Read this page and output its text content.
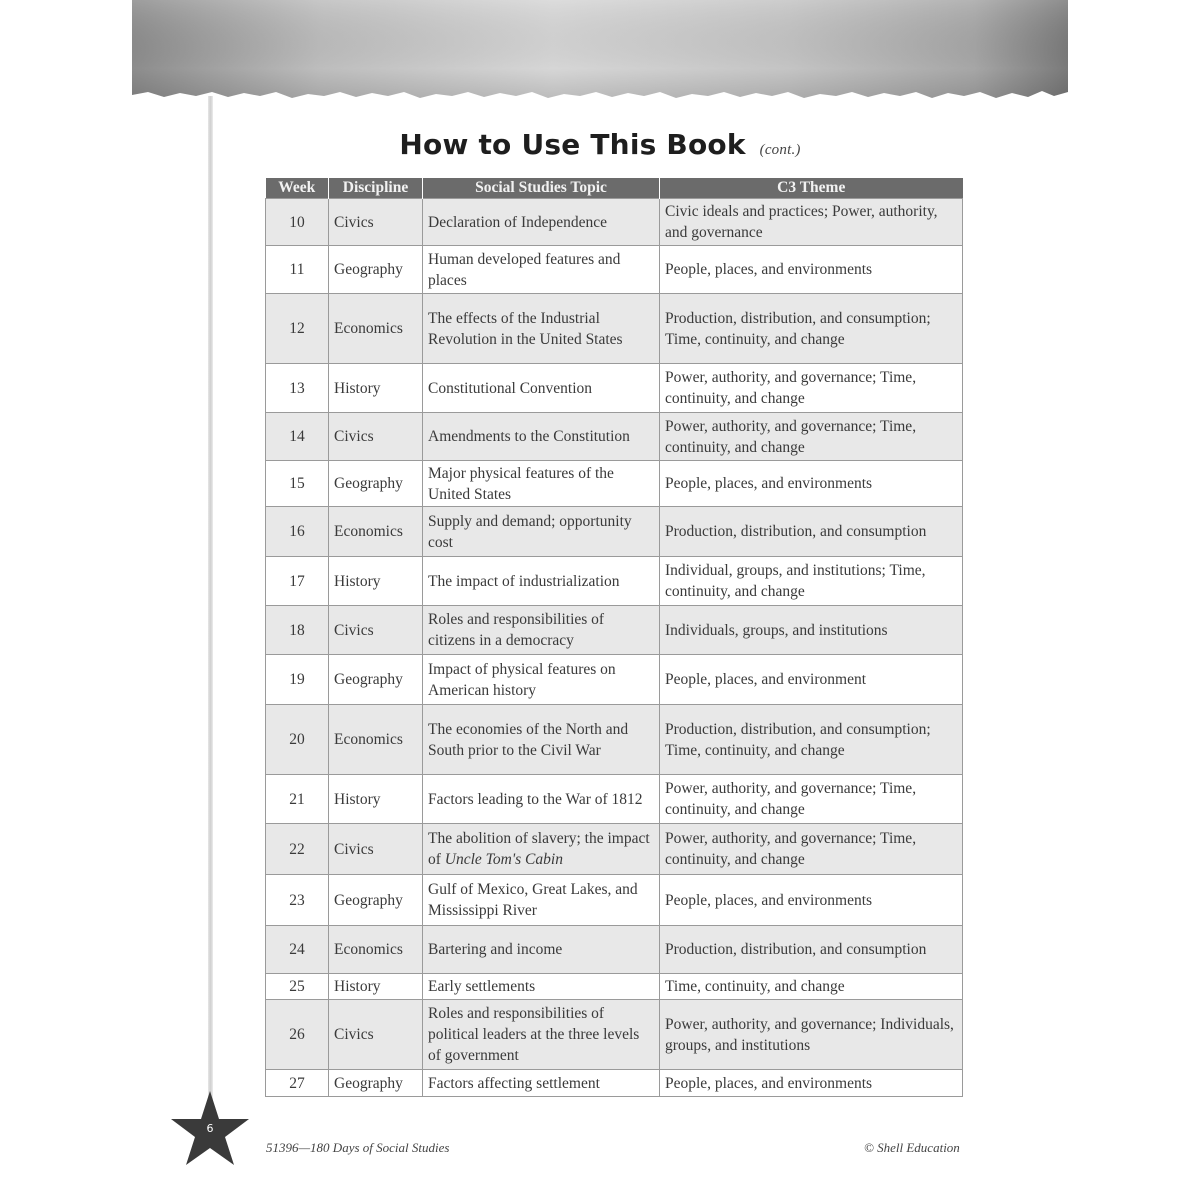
How to Use This Book (cont.)
Week	Discipline	Social Studies Topic	C3 Theme
10	Civics	Declaration of Independence	Civic ideals and practices; Power, authority, and governance
11	Geography	Human developed features and places	People, places, and environments
12	Economics	The effects of the Industrial Revolution in the United States	Production, distribution, and consumption; Time, continuity, and change
13	History	Constitutional Convention	Power, authority, and governance; Time, continuity, and change
14	Civics	Amendments to the Constitution	Power, authority, and governance; Time, continuity, and change
15	Geography	Major physical features of the United States	People, places, and environments
16	Economics	Supply and demand; opportunity cost	Production, distribution, and consumption
17	History	The impact of industrialization	Individual, groups, and institutions; Time, continuity, and change
18	Civics	Roles and responsibilities of citizens in a democracy	Individuals, groups, and institutions
19	Geography	Impact of physical features on American history	People, places, and environment
20	Economics	The economies of the North and South prior to the Civil War	Production, distribution, and consumption; Time, continuity, and change
21	History	Factors leading to the War of 1812	Power, authority, and governance; Time, continuity, and change
22	Civics	The abolition of slavery; the impact of Uncle Tom's Cabin	Power, authority, and governance; Time, continuity, and change
23	Geography	Gulf of Mexico, Great Lakes, and Mississippi River	People, places, and environments
24	Economics	Bartering and income	Production, distribution, and consumption
25	History	Early settlements	Time, continuity, and change
26	Civics	Roles and responsibilities of political leaders at the three levels of government	Power, authority, and governance; Individuals, groups, and institutions
27	Geography	Factors affecting settlement	People, places, and environments
6
51396—180 Days of Social Studies	© Shell Education
